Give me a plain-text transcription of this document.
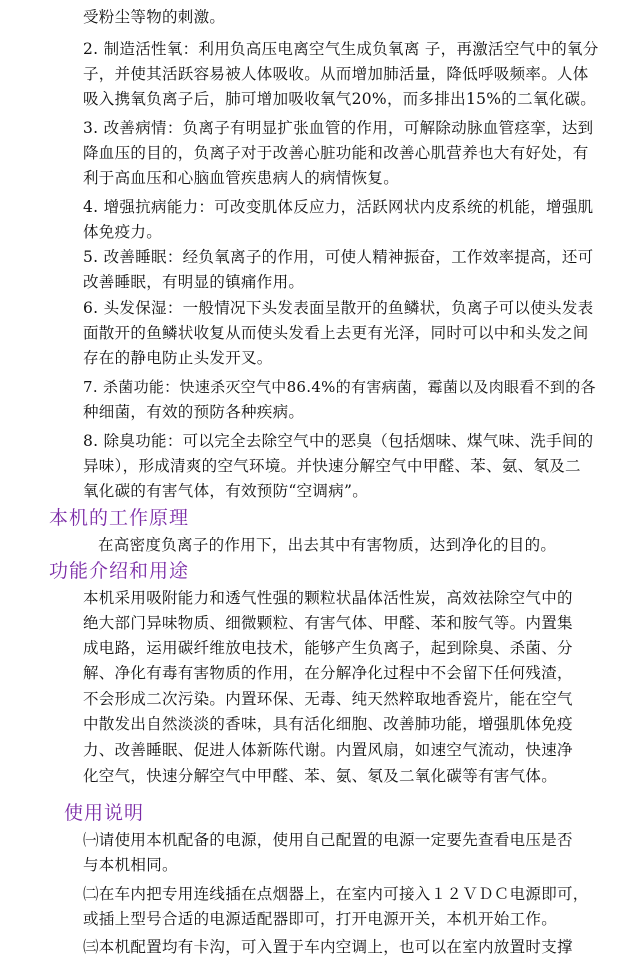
受粉尘等物的刺激。
2. 制造活性氧：利用负高压电离空气生成负氧离 子，再激活空气中的氧分
子，并使其活跃容易被人体吸收。从而增加肺活量，降低呼吸频率。人体
吸入携氧负离子后，肺可增加吸收氧气20%，而多排出15%的二氧化碳。
3. 改善病情：负离子有明显扩张血管的作用，可解除动脉血管痉挛，达到
降血压的目的，负离子对于改善心脏功能和改善心肌营养也大有好处，有
利于高血压和心脑血管疾患病人的病情恢复。
4. 增强抗病能力：可改变肌体反应力，活跃网状内皮系统的机能，增强肌
体免疫力。
5. 改善睡眠：经负氧离子的作用，可使人精神振奋，工作效率提高，还可
改善睡眠，有明显的镇痛作用。
6. 头发保湿：一般情况下头发表面呈散开的鱼鳞状，负离子可以使头发表
面散开的鱼鳞状收复从而使头发看上去更有光泽，同时可以中和头发之间
存在的静电防止头发开叉。
7. 杀菌功能：快速杀灭空气中86.4%的有害病菌，霉菌以及肉眼看不到的各
种细菌，有效的预防各种疾病。
8. 除臭功能：可以完全去除空气中的恶臭（包括烟味、煤气味、洗手间的
异味），形成清爽的空气环境。并快速分解空气中甲醛、苯、氨、氡及二
氧化碳的有害气体，有效预防“空调病”。
本机的工作原理
在高密度负离子的作用下，出去其中有害物质，达到净化的目的。
功能介绍和用途
本机采用吸附能力和透气性强的颗粒状晶体活性炭，高效祛除空气中的
绝大部门异味物质、细微颗粒、有害气体、甲醛、苯和胺气等。内置集
成电路，运用碳纤维放电技术，能够产生负离子，起到除臭、杀菌、分
解、净化有毒有害物质的作用，在分解净化过程中不会留下任何残渣，
不会形成二次污染。内置环保、无毒、纯天然粹取地香瓷片，能在空气
中散发出自然淡淡的香味，具有活化细胞、改善肺功能，增强肌体免疫
力、改善睡眠、促进人体新陈代谢。内置风扇，如速空气流动，快速净
化空气，快速分解空气中甲醛、苯、氨、氡及二氧化碳等有害气体。
使用说明
㈠请使用本机配备的电源，使用自己配置的电源一定要先查看电压是否
与本机相同。
㈡在车内把专用连线插在点烟器上，在室内可接入１２ＶＤＣ电源即可，
或插上型号合适的电源适配器即可，打开电源开关，本机开始工作。
㈢本机配置均有卡沟，可入置于车内空调上，也可以在室内放置时支撑
